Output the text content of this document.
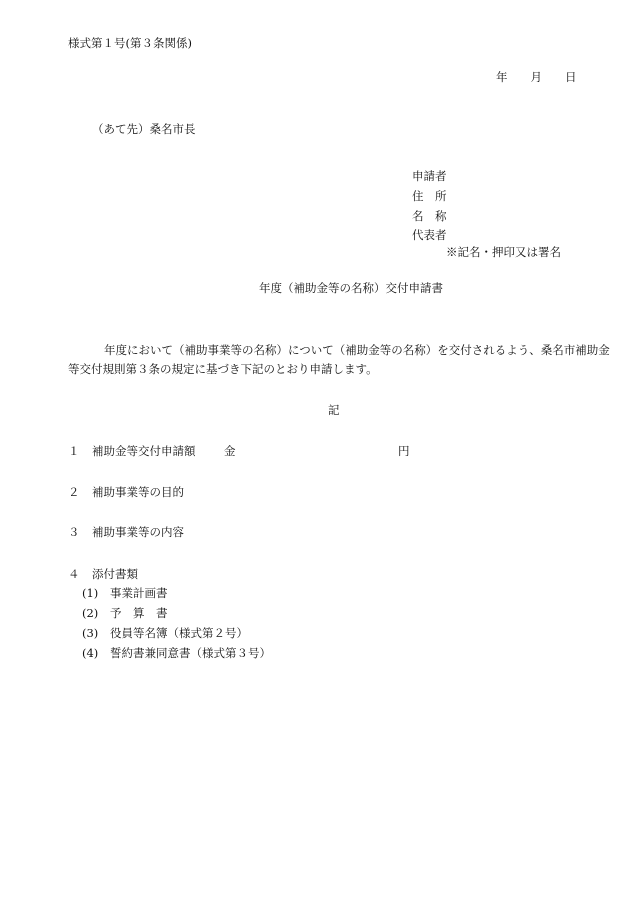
様式第１号(第３条関係)
年　　月　　日
（あて先）桑名市長
申請者
住　所
名　称
代表者
※記名・押印又は署名
年度（補助金等の名称）交付申請書
年度において（補助事業等の名称）について（補助金等の名称）を交付されるよう、桑名市補助金
等交付規則第３条の規定に基づき下記のとおり申請します。
記
１ 補助金等交付申請額 金	円
２ 補助事業等の目的
３ 補助事業等の内容
４ 添付書類
(1) 事業計画書
(2) 予　算　書
(3) 役員等名簿（様式第２号）
(4) 誓約書兼同意書（様式第３号）
